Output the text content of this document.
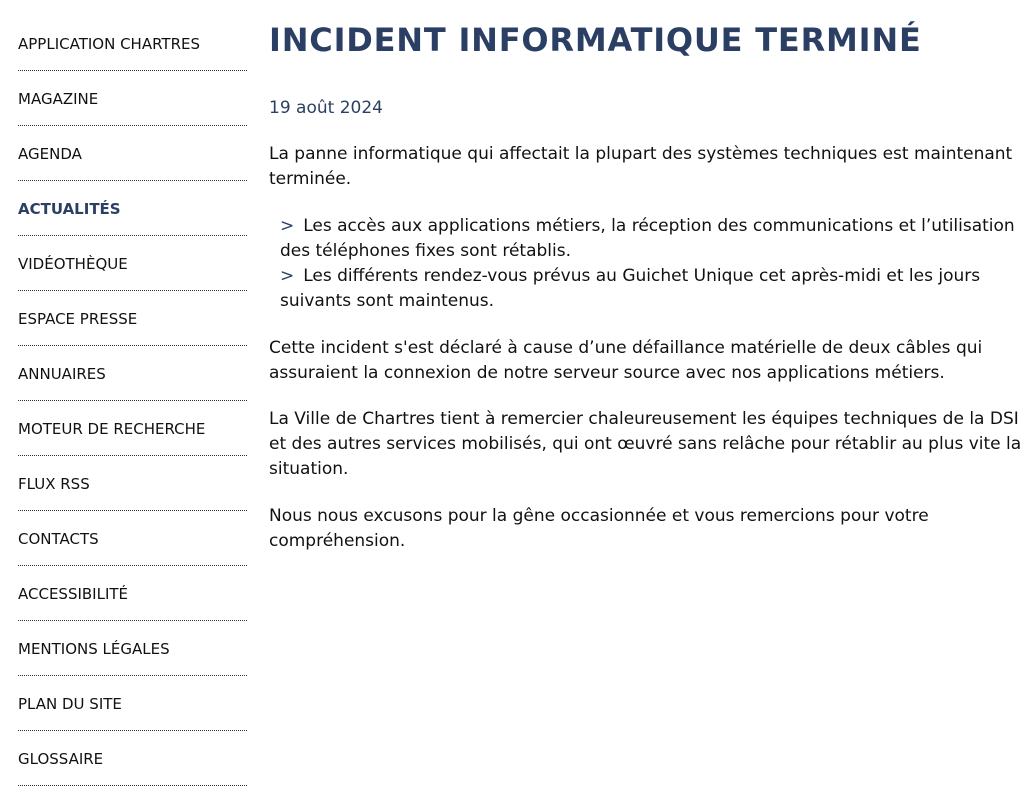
APPLICATION CHARTRES
MAGAZINE
AGENDA
ACTUALITÉS
VIDÉOTHÈQUE
ESPACE PRESSE
ANNUAIRES
MOTEUR DE RECHERCHE
FLUX RSS
CONTACTS
ACCESSIBILITÉ
MENTIONS LÉGALES
PLAN DU SITE
GLOSSAIRE
INCIDENT INFORMATIQUE TERMINÉ

19 août 2024

La panne informatique qui affectait la plupart des systèmes techniques est maintenant terminée.

> Les accès aux applications métiers, la réception des communications et l’utilisation des téléphones fixes sont rétablis.
> Les différents rendez-vous prévus au Guichet Unique cet après-midi et les jours suivants sont maintenus.

Cette incident s'est déclaré à cause d’une défaillance matérielle de deux câbles qui assuraient la connexion de notre serveur source avec nos applications métiers.

La Ville de Chartres tient à remercier chaleureusement les équipes techniques de la DSI et des autres services mobilisés, qui ont œuvré sans relâche pour rétablir au plus vite la situation.

Nous nous excusons pour la gêne occasionnée et vous remercions pour votre compréhension.
